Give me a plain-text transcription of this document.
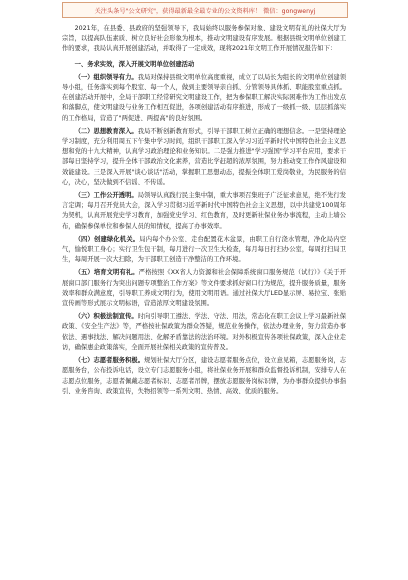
关注头条号"公文研究"，获得最新最全最专业的公文资料库！ 微信：gongwenyj

2021年，在县委、县政府的坚强领导下，我局始终以服务参保对象、建设文明有礼的社保大厅为宗旨，以提高队伍素质、树立良好社会形象为根本，推动文明建设有序发展。根据县级文明单位创建工作的要求，我局认真开展创建活动，并取得了一定成效，现将2021年文明工作开展情况报告如下：

一、务求实效，深入开展文明单位创建活动

（一）组织领导有力。我局对保持县级文明单位高度重视，成立了以局长为组长的文明单位创建领导小组，任务落实到每个股室、每一个人，做到主要领导亲自抓、分管领导具体抓、职能股室重点抓。在创建活动开展中，全局干部职工经常研究文明建设工作，把为参保职工解决实际困难作为工作出发点和落脚点，使文明建设与业务工作相互促进，各项创建活动有序推进，形成了一级抓一级、层层抓落实的工作格局，营造了"两促进、两提高"的良好氛围。

（二）思想教育深入。我局不断创新教育形式，引导干部职工树立正确的理想信念。一是坚持理论学习制度，充分利用周五下午集中学习时间，组织干部职工深入学习习近平新时代中国特色社会主义思想和党的十九大精神，认真学习政治理论和业务知识。二是强力推进"学习强国"学习平台应用，要求干部每日坚持学习，提升全体干部政治文化素养，营造比学赶超的浓厚氛围，努力推动变工作作风建设和效能建设。三是深入开展"谈心谈话"活动，掌握职工思想动态，提振全体职工爱岗敬业，为民服务的信心，决心，坚决做到不信谣、不传谣。

（三）工作公开透明。局领导认真践行民主集中制，重大事项召集班子广泛征求意见，绝不先行发言定调；每月召开党员大会，深入学习贯彻习近平新时代中国特色社会主义思想，以中共建党100周年为契机，认真开展党史学习教育，加强党史学习、红色教育，及时更新社保业务办事流程，主动上墙公布，确保参保单位和参保人员的知情权，提高了办事效率。

（四）创建绿化机关。局内每个办公室、走台配置花木盆景，由职工自行浇水管理，净化局内空气，愉悦职工身心；实行卫生包干制，每月进行一次卫生大检查，每月每日打扫办公室，每周打扫局卫生，每周开展一次大扫除，为干部职工创造干净整洁的工作环境。

（五）培育文明有礼。严格按照《XX省人力资源和社会保障系统窗口服务规范（试行）》《关于开展窗口部门服务行为突出问题专项整治工作方案》等文件要求抓好窗口行为规范，提升服务质量，服务效率和群众满意度，引导职工养成文明行为，使用文明用语。通过社保大厅LED显示屏、易拉宝、张贴宣传画等形式展示文明标语，营造浓厚文明建设氛围。

（六）积极法制宣传。时向引导职工遵法、学法、守法、用法，常态化在职工会议上学习最新社保政策、《安全生产法》等，严格按社保政策为群众答疑，规范业务操作，依法办理业务，努力营造办事依法、遇事找法、解决问题用法、化解矛盾靠法的法治环境。对外积极宣传各项社保政策，深入企业走访，确保惠企政策落实，全面开展社保相关政策的宣传普及。

（七）志愿者服务积极。规划社保大厅分区，建设志愿者服务点位，设立意见箱，志愿服务岗，志愿服务台，公布投诉电话，设立专门志愿服务小组，将社保业务开展和群众监督投诉机制，安排专人在志愿点位服务，志愿者佩戴志愿者标识、志愿者吊牌，摆放志愿服务岗标识牌，为办事群众提供办事指引、业务咨询、政策宣传，失物招领等一系列文明、热情、高效、优质的服务。
